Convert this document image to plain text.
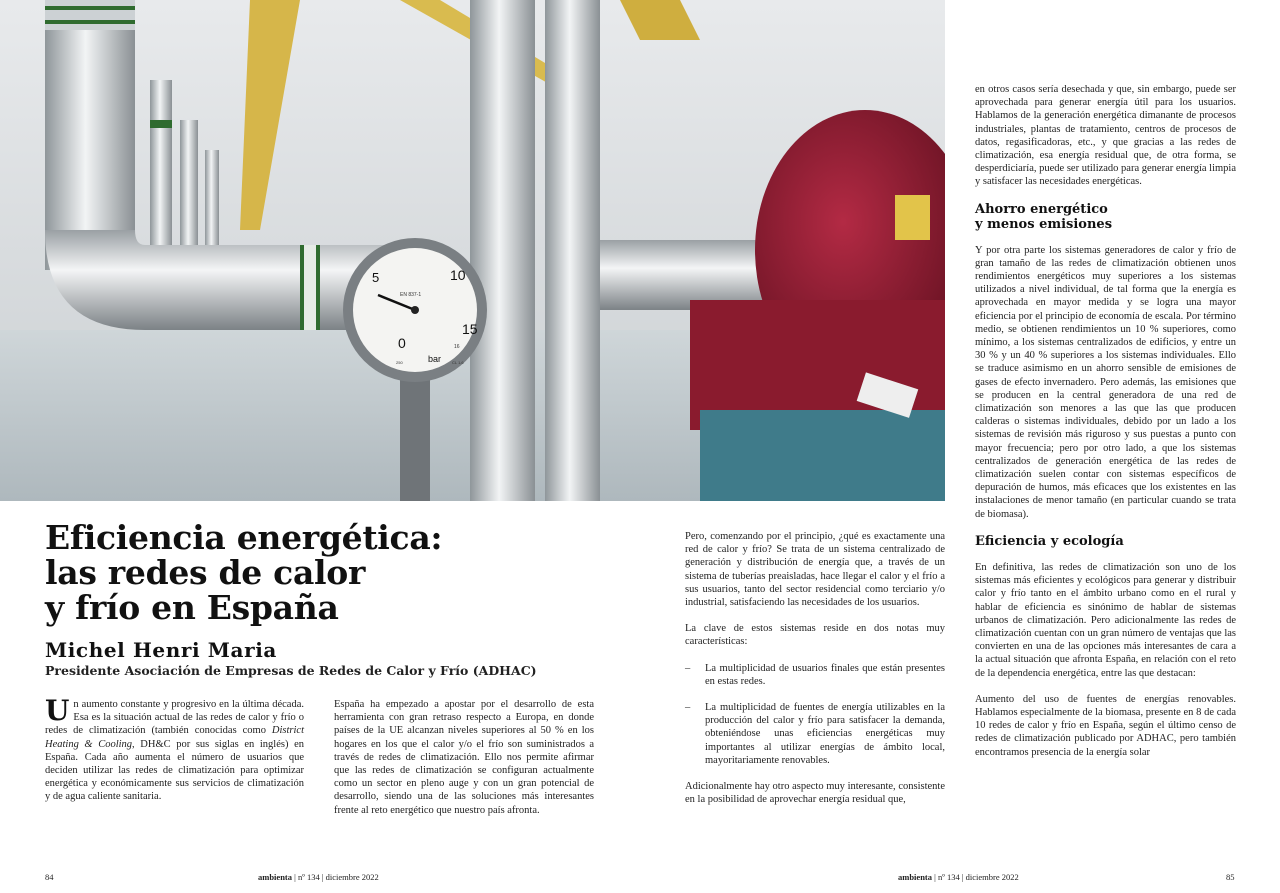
5	10
0
15
EN 837-1
bar
16
CL 1.6
250
Eficiencia energética:
las redes de calor
y frío en España
Michel Henri Maria
Presidente Asociación de Empresas de Redes de Calor y Frío (ADHAC)

Un aumento constante y progresivo en la última década. Esa es la situación actual de las redes de calor y frío o redes de climatización (también conocidas como District Heating & Cooling, DH&C por sus siglas en inglés) en España. Cada año aumenta el número de usuarios que deciden utilizar las redes de climatización para optimizar energética y económicamente sus servicios de climatización y de agua caliente sanitaria.

España ha empezado a apostar por el desarrollo de esta herramienta con gran retraso respecto a Europa, en donde países de la UE alcanzan niveles superiores al 50 % en los hogares en los que el calor y/o el frío son suministrados a través de redes de climatización. Ello nos permite afirmar que las redes de climatización se configuran actualmente como un sector en pleno auge y con un gran potencial de desarrollo, siendo una de las soluciones más interesantes frente al reto energético que nuestro país afronta.

Pero, comenzando por el principio, ¿qué es exactamente una red de calor y frío? Se trata de un sistema centralizado de generación y distribución de energía que, a través de un sistema de tuberías preaisladas, hace llegar el calor y el frío a sus usuarios, tanto del sector residencial como terciario y/o industrial, satisfaciendo las necesidades de los usuarios.

La clave de estos sistemas reside en dos notas muy características:

– La multiplicidad de usuarios finales que están presentes en estas redes.

– La multiplicidad de fuentes de energía utilizables en la producción del calor y frío para satisfacer la demanda, obteniéndose unas eficiencias energéticas muy importantes al utilizar energías de ámbito local, mayoritariamente renovables.

Adicionalmente hay otro aspecto muy interesante, consistente en la posibilidad de aprovechar energía residual que,

en otros casos sería desechada y que, sin embargo, puede ser aprovechada para generar energía útil para los usuarios. Hablamos de la generación energética dimanante de procesos industriales, plantas de tratamiento, centros de procesos de datos, regasificadoras, etc., y que gracias a las redes de climatización, esa energía residual que, de otra forma, se desperdiciaría, puede ser utilizado para generar energía limpia y satisfacer las necesidades energéticas.

Ahorro energético
y menos emisiones

Y por otra parte los sistemas generadores de calor y frío de gran tamaño de las redes de climatización obtienen unos rendimientos energéticos muy superiores a los sistemas utilizados a nivel individual, de tal forma que la energía es aprovechada en mayor medida y se logra una mayor eficiencia por el principio de economía de escala. Por término medio, se obtienen rendimientos un 10 % superiores, como mínimo, a los sistemas centralizados de edificios, y entre un 30 % y un 40 % superiores a los sistemas individuales. Ello se traduce asimismo en un ahorro sensible de emisiones de gases de efecto invernadero. Pero además, las emisiones que se producen en la central generadora de una red de climatización son menores a las que las que producen calderas o sistemas individuales, debido por un lado a los sistemas de revisión más riguroso y sus puestas a punto con mayor frecuencia; pero por otro lado, a que los sistemas centralizados de generación energética de las redes de climatización suelen contar con sistemas específicos de depuración de humos, más eficaces que los existentes en las instalaciones de menor tamaño (en particular cuando se trata de biomasa).

Eficiencia y ecología

En definitiva, las redes de climatización son uno de los sistemas más eficientes y ecológicos para generar y distribuir calor y frío tanto en el ámbito urbano como en el rural y hablar de eficiencia es sinónimo de hablar de sistemas urbanos de climatización. Pero adicionalmente las redes de climatización cuentan con un gran número de ventajas que las convierten en una de las opciones más interesantes de cara a la actual situación que afronta España, en relación con el reto de la dependencia energética, entre las que destacan:

Aumento del uso de fuentes de energías renovables. Hablamos especialmente de la biomasa, presente en 8 de cada 10 redes de calor y frío en España, según el último censo de redes de climatización publicado por ADHAC, pero también encontramos presencia de la energía solar

84	ambienta | nº 134 | diciembre 2022	ambienta | nº 134 | diciembre 2022	85
